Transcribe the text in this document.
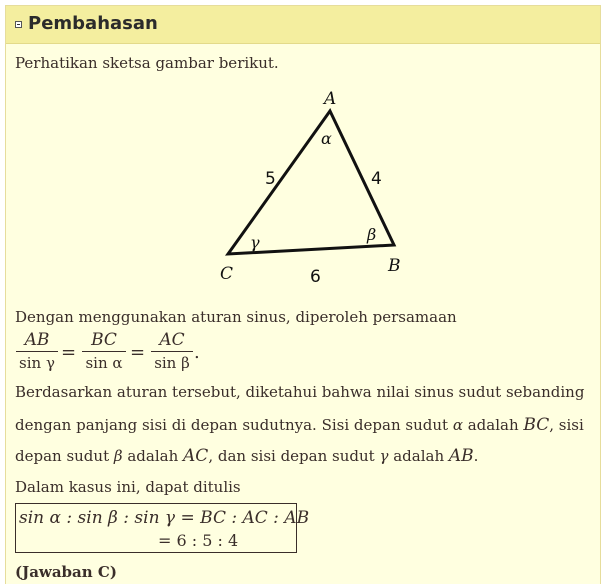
Pembahasan
Perhatikan sketsa gambar berikut.
A
B
C
α
β
γ
5	4
6
Dengan menggunakan aturan sinus, diperoleh persamaan
$\frac{AB}{\text{sin γ}} = \frac{BC}{\text{sin α}} = \frac{AC}{\text{sin β}}$ .
Berdasarkan aturan tersebut, diketahui bahwa nilai sinus sudut sebanding
dengan panjang sisi di depan sudutnya. Sisi depan sudut α adalah BC, sisi
depan sudut β adalah AC, dan sisi depan sudut γ adalah AB.
Dalam kasus ini, dapat ditulis
sin α : sin β : sin γ = BC : AC : AB
= 6 : 5 : 4
(Jawaban C)
